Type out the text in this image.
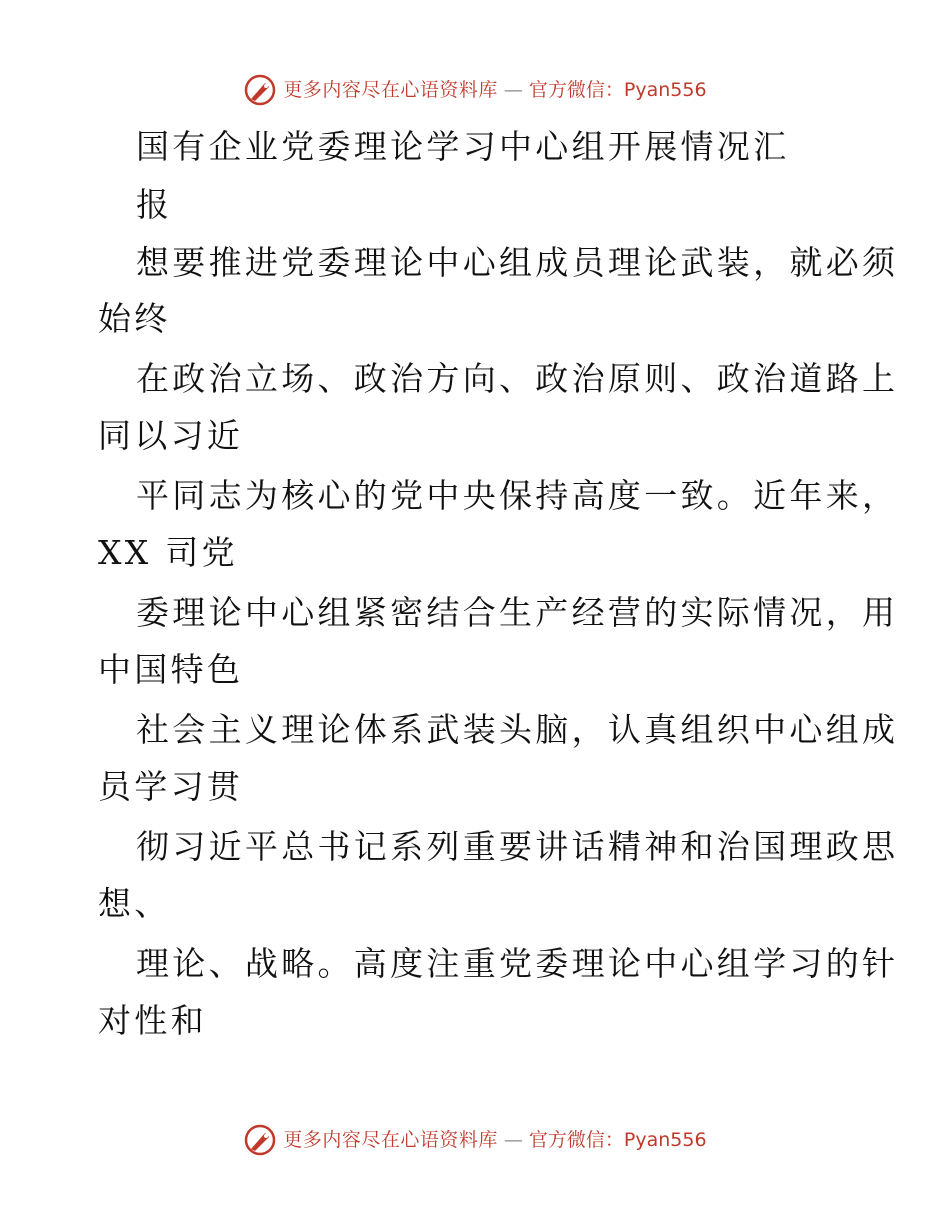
更多内容尽在心语资料库 — 官方微信：Pyan556
国有企业党委理论学习中心组开展情况汇
报
想要推进党委理论中心组成员理论武装，就必须
始终
在政治立场、政治方向、政治原则、政治道路上
同以习近
平同志为核心的党中央保持高度一致。近年来，
XX 司党
委理论中心组紧密结合生产经营的实际情况，用
中国特色
社会主义理论体系武装头脑，认真组织中心组成
员学习贯
彻习近平总书记系列重要讲话精神和治国理政思
想、
理论、战略。高度注重党委理论中心组学习的针
对性和
更多内容尽在心语资料库 — 官方微信：Pyan556
